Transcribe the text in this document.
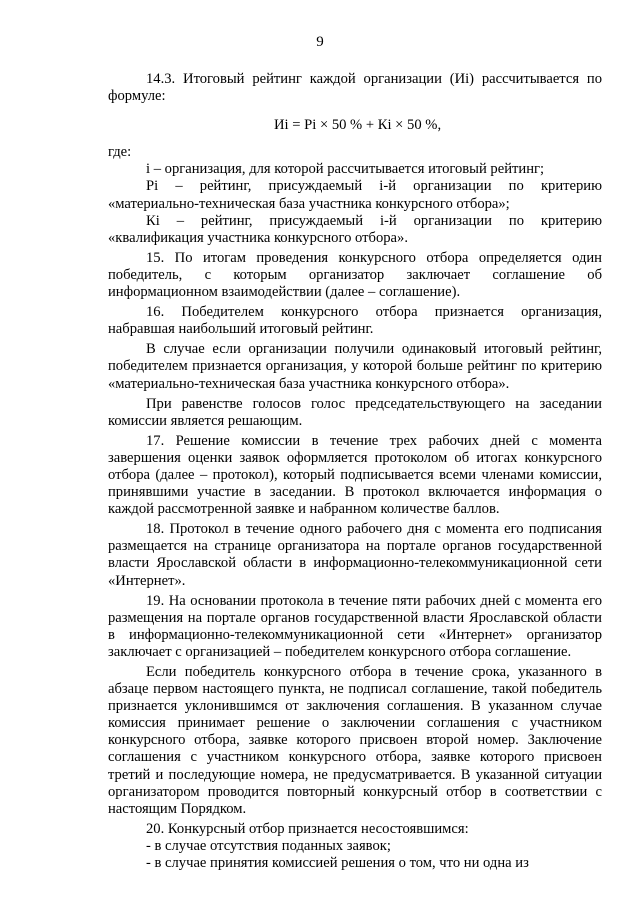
9

14.3. Итоговый рейтинг каждой организации (Иi) рассчитывается по формуле:

Иi = Рi × 50 % + Кi × 50 %,

где:

i – организация, для которой рассчитывается итоговый рейтинг;

Рi – рейтинг, присуждаемый i-й организации по критерию «материально-техническая база участника конкурсного отбора»;

Кi – рейтинг, присуждаемый i-й организации по критерию «квалификация участника конкурсного отбора».

15. По итогам проведения конкурсного отбора определяется один победитель, с которым организатор заключает соглашение об информационном взаимодействии (далее – соглашение).

16. Победителем конкурсного отбора признается организация, набравшая наибольший итоговый рейтинг.

В случае если организации получили одинаковый итоговый рейтинг, победителем признается организация, у которой больше рейтинг по критерию «материально-техническая база участника конкурсного отбора».

При равенстве голосов голос председательствующего на заседании комиссии является решающим.

17. Решение комиссии в течение трех рабочих дней с момента завершения оценки заявок оформляется протоколом об итогах конкурсного отбора (далее – протокол), который подписывается всеми членами комиссии, принявшими участие в заседании. В протокол включается информация о каждой рассмотренной заявке и набранном количестве баллов.

18. Протокол в течение одного рабочего дня с момента его подписания размещается на странице организатора на портале органов государственной власти Ярославской области в информационно-телекоммуникационной сети «Интернет».

19. На основании протокола в течение пяти рабочих дней с момента его размещения на портале органов государственной власти Ярославской области в информационно-телекоммуникационной сети «Интернет» организатор заключает с организацией – победителем конкурсного отбора соглашение.

Если победитель конкурсного отбора в течение срока, указанного в абзаце первом настоящего пункта, не подписал соглашение, такой победитель признается уклонившимся от заключения соглашения. В указанном случае комиссия принимает решение о заключении соглашения с участником конкурсного отбора, заявке которого присвоен второй номер. Заключение соглашения с участником конкурсного отбора, заявке которого присвоен третий и последующие номера, не предусматривается. В указанной ситуации организатором проводится повторный конкурсный отбор в соответствии с настоящим Порядком.

20. Конкурсный отбор признается несостоявшимся:

- в случае отсутствия поданных заявок;

- в случае принятия комиссией решения о том, что ни одна из
